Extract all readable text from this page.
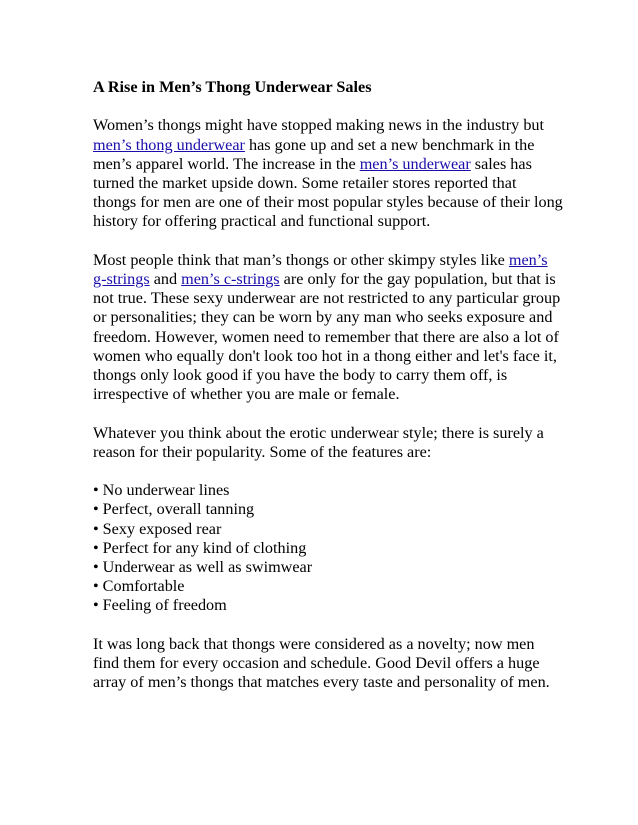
A Rise in Men’s Thong Underwear Sales

Women’s thongs might have stopped making news in the industry but men’s thong underwear has gone up and set a new benchmark in the men’s apparel world. The increase in the men’s underwear sales has turned the market upside down. Some retailer stores reported that thongs for men are one of their most popular styles because of their long history for offering practical and functional support.

Most people think that man’s thongs or other skimpy styles like men’s g-strings and men’s c-strings are only for the gay population, but that is not true. These sexy underwear are not restricted to any particular group or personalities; they can be worn by any man who seeks exposure and freedom. However, women need to remember that there are also a lot of women who equally don't look too hot in a thong either and let's face it, thongs only look good if you have the body to carry them off, is irrespective of whether you are male or female.

Whatever you think about the erotic underwear style; there is surely a reason for their popularity. Some of the features are:

• No underwear lines
• Perfect, overall tanning
• Sexy exposed rear
• Perfect for any kind of clothing
• Underwear as well as swimwear
• Comfortable
• Feeling of freedom

It was long back that thongs were considered as a novelty; now men find them for every occasion and schedule. Good Devil offers a huge array of men’s thongs that matches every taste and personality of men.
